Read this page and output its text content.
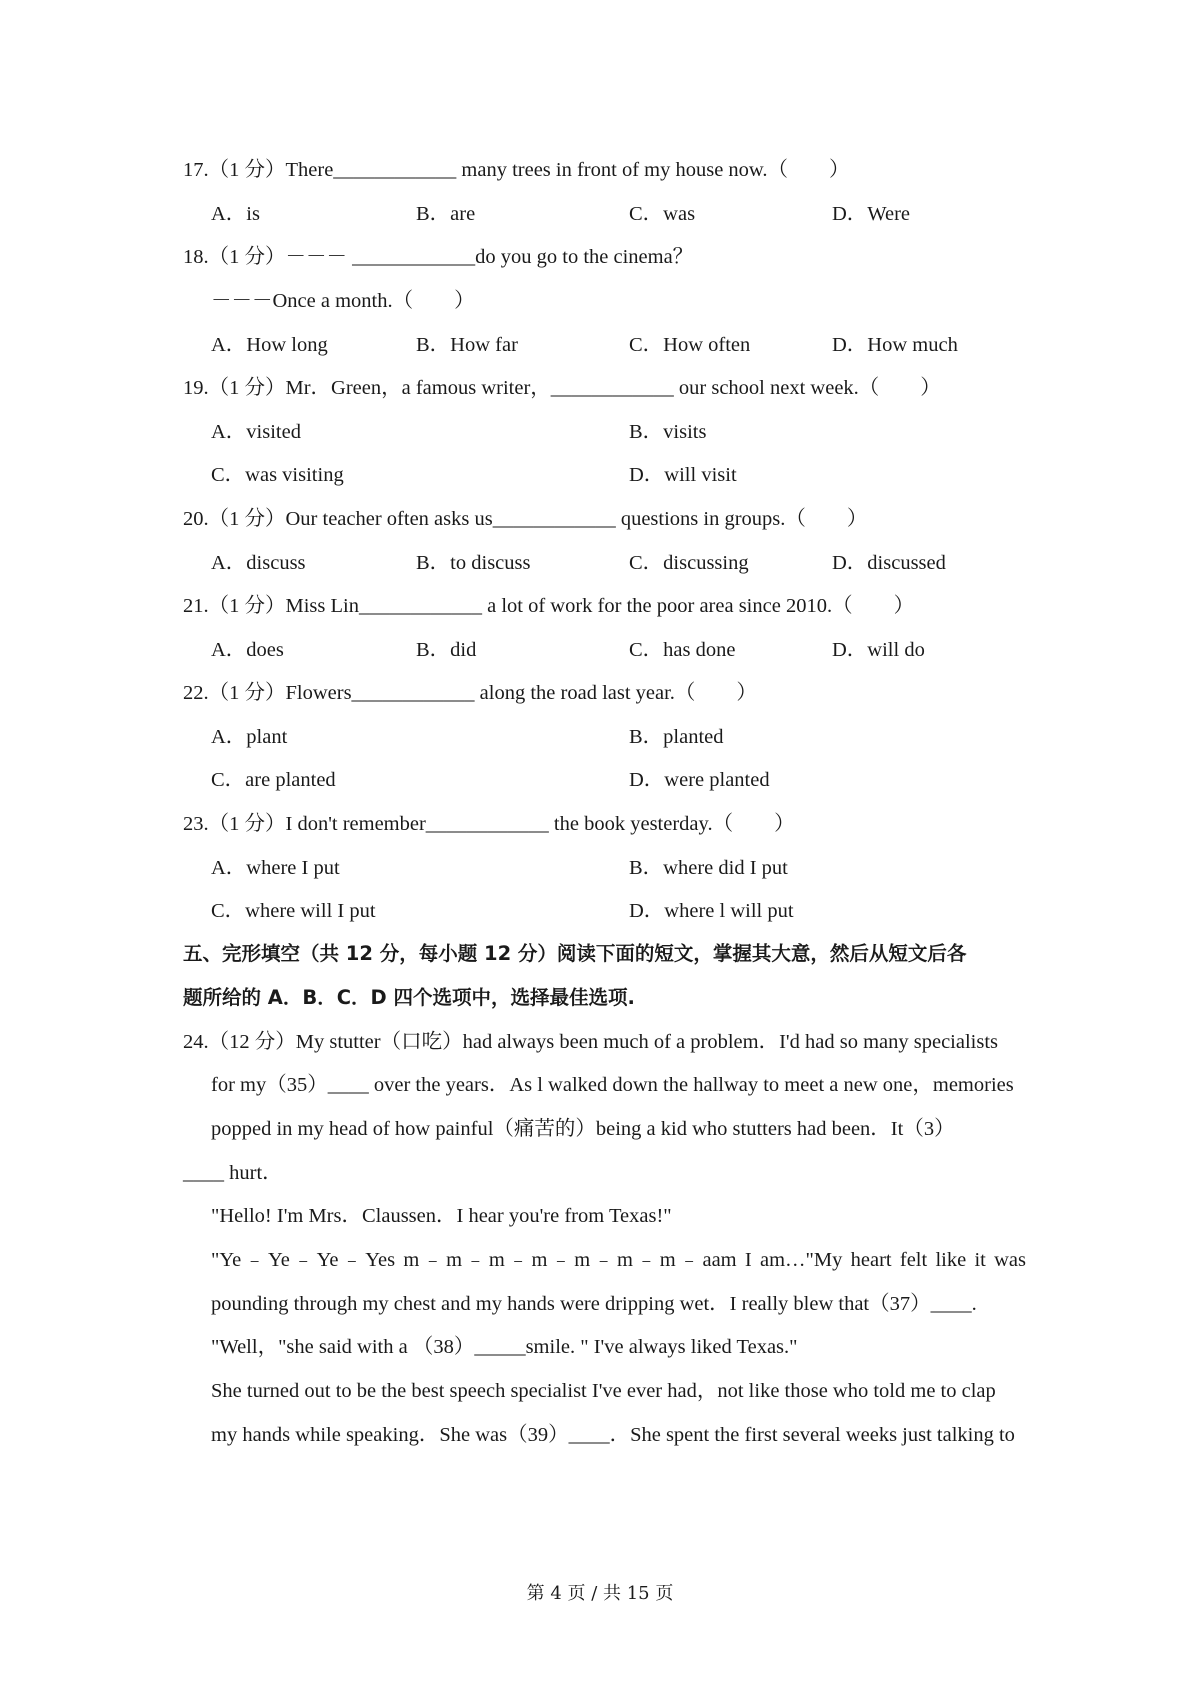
17.（1 分）There____________ many trees in front of my house now.（　　）
A．is	B．are	C．was	D．Were
18.（1 分）－－－ ____________do you go to the cinema？
－－－Once a month.（　　）
A．How long	B．How far	C．How often	D．How much
19.（1 分）Mr．Green，a famous writer，____________ our school next week.（　　）
A．visited	B．visits
C．was visiting	D．will visit
20.（1 分）Our teacher often asks us____________ questions in groups.（　　）
A．discuss	B．to discuss	C．discussing	D．discussed
21.（1 分）Miss Lin____________ a lot of work for the poor area since 2010.（　　）
A．does	B．did	C．has done	D．will do
22.（1 分）Flowers____________ along the road last year.（　　）
A．plant	B．planted
C．are planted	D．were planted
23.（1 分）I don't remember____________ the book yesterday.（　　）
A．where I put	B．where did I put
C．where will I put	D．where l will put
五、完形填空（共 12 分，每小题 12 分）阅读下面的短文，掌握其大意，然后从短文后各
题所给的 A．B．C．D 四个选项中，选择最佳选项.
24.（12 分）My stutter（口吃）had always been much of a problem．I'd had so many specialists
for my（35）____ over the years．As l walked down the hallway to meet a new one，memories
popped in my head of how painful（痛苦的）being a kid who stutters had been．It（3）
____ hurt．
"Hello! I'm Mrs．Claussen．I hear you're from Texas!"
"Ye﹣Ye﹣Ye﹣Yes m﹣m﹣m﹣m﹣m﹣m﹣m﹣aam I am…"My heart felt like it was
pounding through my chest and my hands were dripping wet．I really blew that（37）____.
"Well，"she said with a （38）_____smile. " I've always liked Texas."
She turned out to be the best speech specialist I've ever had，not like those who told me to clap
my hands while speaking．She was（39）____．She spent the first several weeks just talking to
第 4 页 / 共 15 页
